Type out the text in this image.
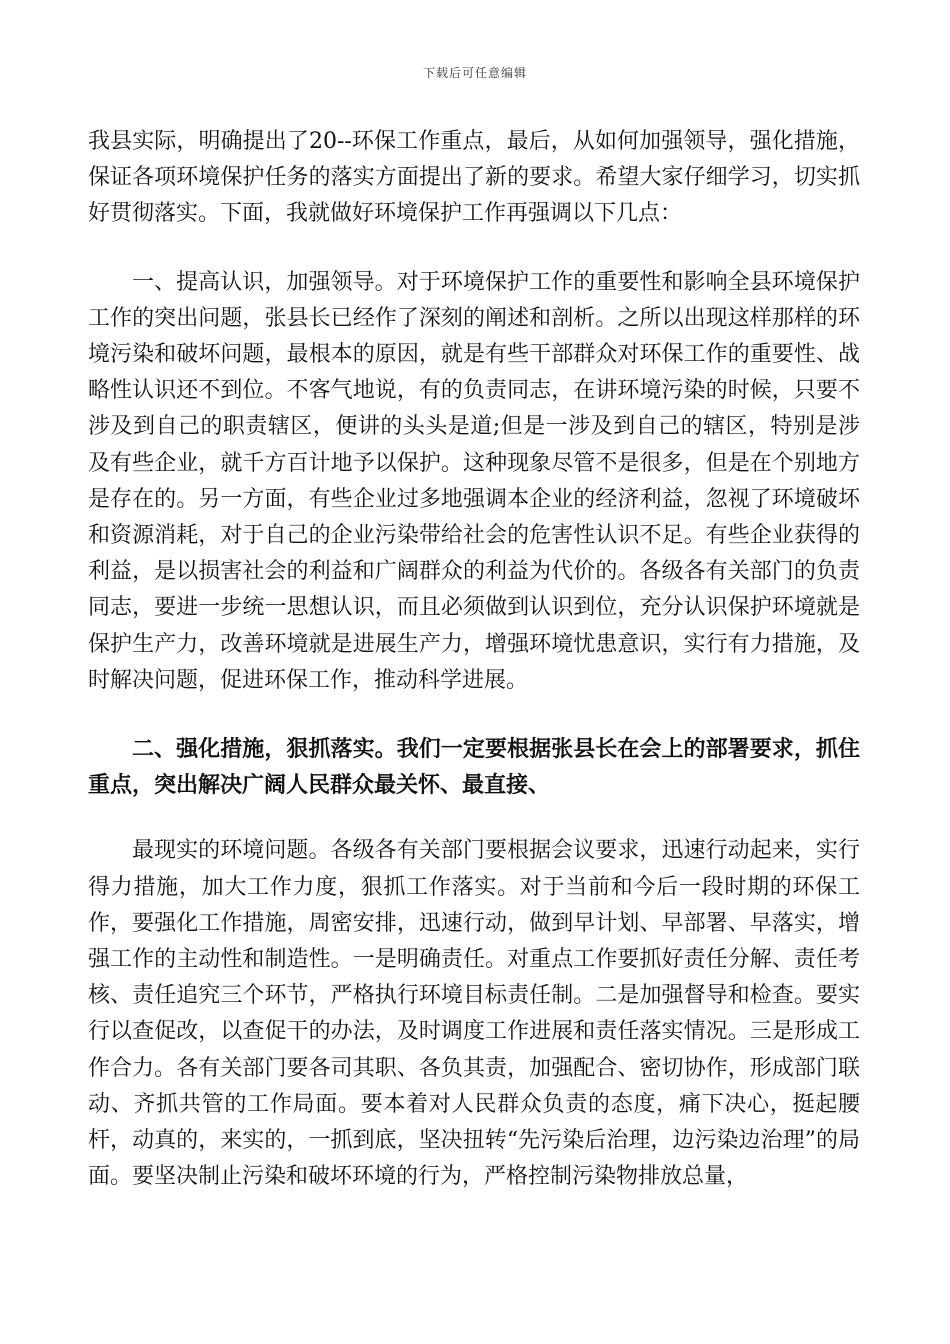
下载后可任意编辑

我县实际，明确提出了20--环保工作重点，最后，从如何加强领导，强化措施，保证各项环境保护任务的落实方面提出了新的要求。希望大家仔细学习，切实抓好贯彻落实。下面，我就做好环境保护工作再强调以下几点：

一、提高认识，加强领导。对于环境保护工作的重要性和影响全县环境保护工作的突出问题，张县长已经作了深刻的阐述和剖析。之所以出现这样那样的环境污染和破坏问题，最根本的原因，就是有些干部群众对环保工作的重要性、战略性认识还不到位。不客气地说，有的负责同志，在讲环境污染的时候，只要不涉及到自己的职责辖区，便讲的头头是道;但是一涉及到自己的辖区，特别是涉及有些企业，就千方百计地予以保护。这种现象尽管不是很多，但是在个别地方是存在的。另一方面，有些企业过多地强调本企业的经济利益，忽视了环境破坏和资源消耗，对于自己的企业污染带给社会的危害性认识不足。有些企业获得的利益，是以损害社会的利益和广阔群众的利益为代价的。各级各有关部门的负责同志，要进一步统一思想认识，而且必须做到认识到位，充分认识保护环境就是保护生产力，改善环境就是进展生产力，增强环境忧患意识，实行有力措施，及时解决问题，促进环保工作，推动科学进展。

二、强化措施，狠抓落实。我们一定要根据张县长在会上的部署要求，抓住重点，突出解决广阔人民群众最关怀、最直接、

最现实的环境问题。各级各有关部门要根据会议要求，迅速行动起来，实行得力措施，加大工作力度，狠抓工作落实。对于当前和今后一段时期的环保工作，要强化工作措施，周密安排，迅速行动，做到早计划、早部署、早落实，增强工作的主动性和制造性。一是明确责任。对重点工作要抓好责任分解、责任考核、责任追究三个环节，严格执行环境目标责任制。二是加强督导和检查。要实行以查促改，以查促干的办法，及时调度工作进展和责任落实情况。三是形成工作合力。各有关部门要各司其职、各负其责，加强配合、密切协作，形成部门联动、齐抓共管的工作局面。要本着对人民群众负责的态度，痛下决心，挺起腰杆，动真的，来实的，一抓到底，坚决扭转“先污染后治理，边污染边治理”的局面。要坚决制止污染和破坏环境的行为，严格控制污染物排放总量，
